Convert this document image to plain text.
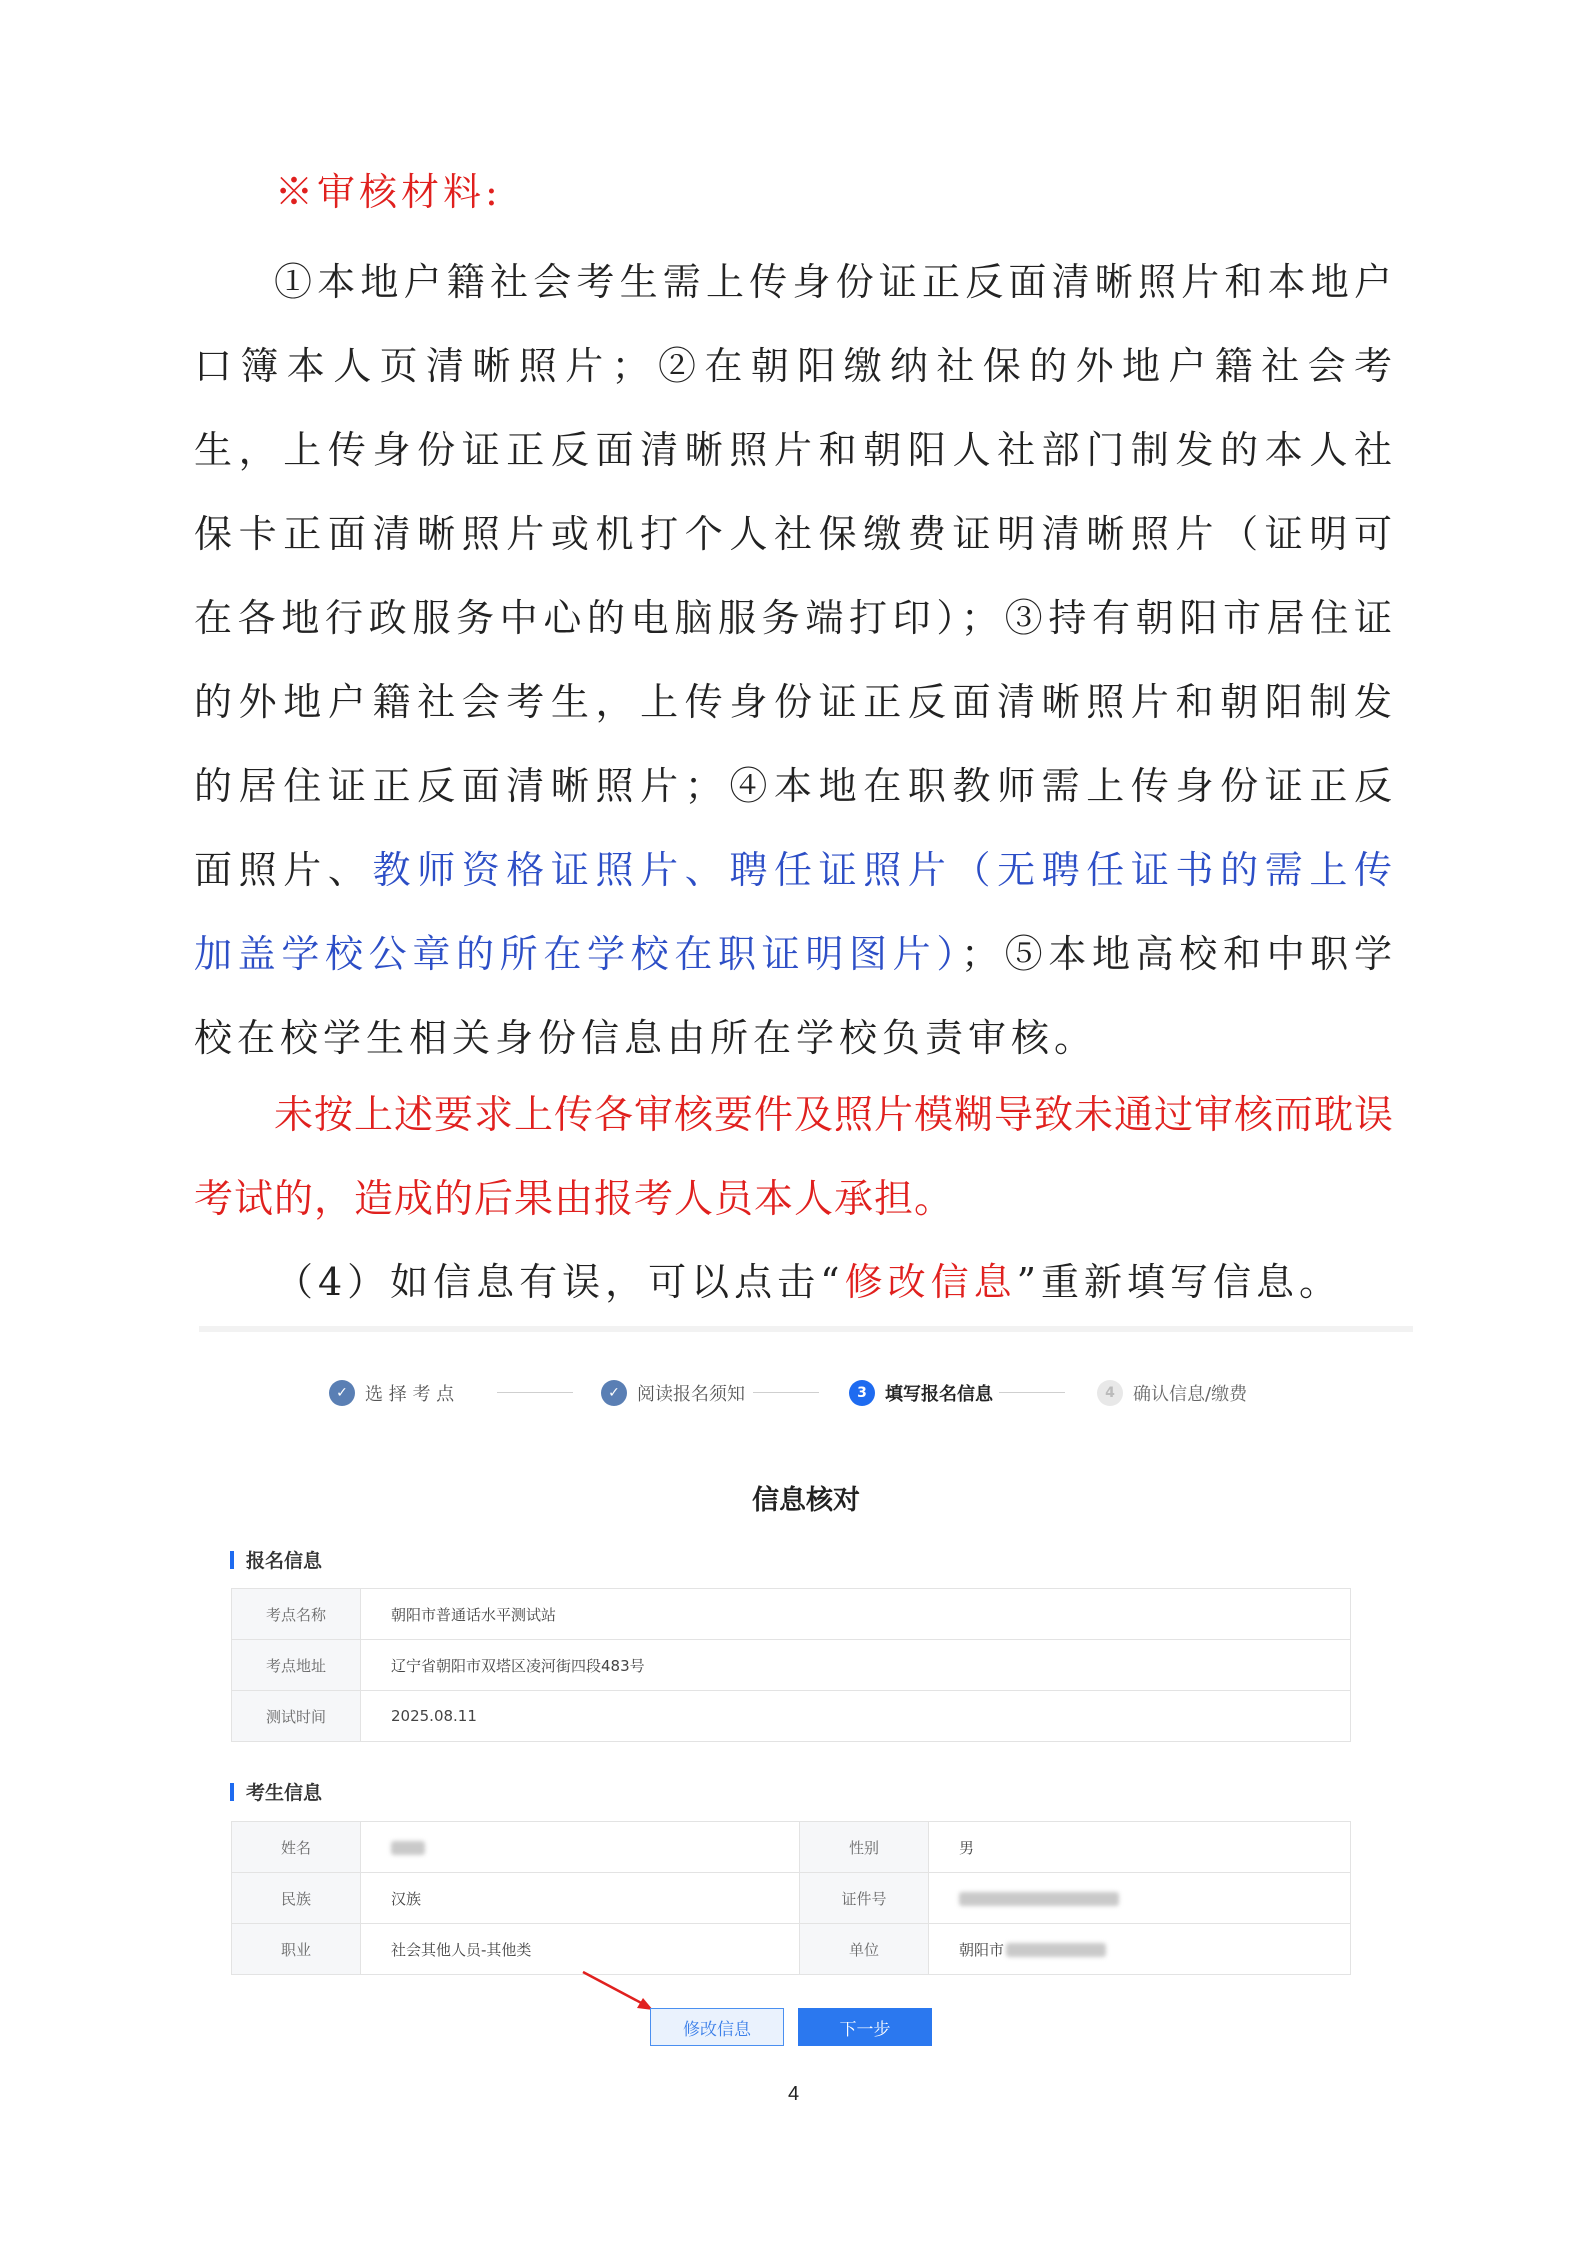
※审核材料:
①本地户籍社会考生需上传身份证正反面清晰照片和本地户口簿本人页清晰照片；②在朝阳缴纳社保的外地户籍社会考生，上传身份证正反面清晰照片和朝阳人社部门制发的本人社保卡正面清晰照片或机打个人社保缴费证明清晰照片（证明可在各地行政服务中心的电脑服务端打印）；③持有朝阳市居住证的外地户籍社会考生，上传身份证正反面清晰照片和朝阳制发的居住证正反面清晰照片；④本地在职教师需上传身份证正反面照片、教师资格证照片、聘任证照片（无聘任证书的需上传加盖学校公章的所在学校在职证明图片）；⑤本地高校和中职学校在校学生相关身份信息由所在学校负责审核。
未按上述要求上传各审核要件及照片模糊导致未通过审核而耽误考试的，造成的后果由报考人员本人承担。
（4）如信息有误，可以点击“修改信息”重新填写信息。
✓ 选 择 考 点	✓ 阅读报名须知	3	填写报名信息	4	确认信息/缴费
信息核对
报名信息
考点名称	朝阳市普通话水平测试站
考点地址	辽宁省朝阳市双塔区凌河街四段483号
测试时间	2025.08.11
考生信息
姓名		性别	男
民族	汉族	证件号	
职业	社会其他人员-其他类	单位	朝阳市
修改信息	下一步
4
